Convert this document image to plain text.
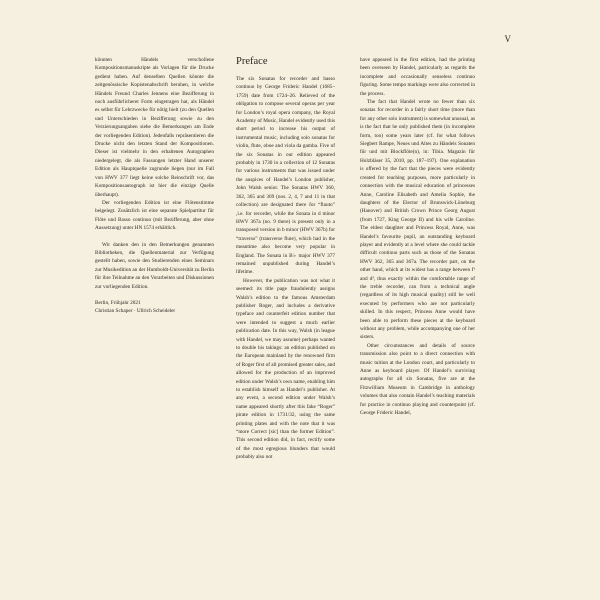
V

könnten Händels verschollene Kompositionsmanuskripte als Vorlagen für die Drucke gedient haben. Auf denselben Quellen könnte die zeitgenössische Kopistenabschrift beruhen, in welche Händels Freund Charles Jennens eine Bezifferung in noch ausführlicherer Form eingetragen hat, als Händel es selbst für Lehrzwecke für nötig hielt (zu den Quellen und Unterschieden in Bezifferung sowie zu den Verzierungsangaben siehe die Bemerkungen am Ende der vorliegenden Edition). Jedenfalls repräsentieren die Drucke nicht den letzten Stand der Kompositionen. Dieser ist vielmehr in den erhaltenen Autographen niedergelegt, die als Fassungen letzter Hand unserer Edition als Hauptquelle zugrunde liegen (nur im Fall von HWV 377 liegt keine solche Reinschrift vor, das Kompositionsautograph ist hier die einzige Quelle überhaupt).

Der vorliegenden Edition ist eine Flötenstimme beigelegt. Zusätzlich ist eine separate Spielpartitur für Flöte und Basso continuo (mit Bezifferung, aber ohne Aussetzung) unter HN 1574 erhältlich.

Wir danken den in den Bemerkungen genannten Bibliotheken, die Quellenmaterial zur Verfügung gestellt haben, sowie den Studierenden eines Seminars zur Musikedition an der Humboldt-Universität zu Berlin für ihre Teilnahme an den Vorarbeiten und Diskussionen zur vorliegenden Edition.

Berlin, Frühjahr 2021

Christian Schaper · Ullrich Scheideler

Preface

The six Sonatas for recorder and basso continuo by George Frideric Handel (1685–1759) date from 1724–26. Relieved of the obligation to compose several operas per year for London’s royal opera company, the Royal Academy of Music, Handel evidently used this short period to increase his output of instrumental music, including solo sonatas for violin, flute, oboe and viola da gamba. Five of the six Sonatas in our edition appeared probably in 1730 in a collection of 12 Sonatas for various instruments that was issued under the auspices of Handel’s London publisher, John Walsh senior. The Sonatas HWV 360, 362, 365 and 369 (nos. 2, 4, 7 and 11 in that collection) are designated there for “flauto” ,i.e. for recorder, while the Sonata in d minor HWV 367a (no. 9 there) is present only in a transposed version in b minor (HWV 367b) for “traverso” (transverse flute), which had in the meantime also become very popular in England. The Sonata in B♭ major HWV 377 remained unpublished during Handel’s lifetime.

However, the publication was not what it seemed: its title page fraudulently assigns Walsh’s edition to the famous Amsterdam publisher Roger, and includes a derivative typeface and counterfeit edition number that were intended to suggest a much earlier publication date. In this way, Walsh (in league with Handel, we may assume) perhaps wanted to double his takings: an edition published on the European mainland by the renowned firm of Roger first of all promised greater sales, and allowed for the production of an improved edition under Walsh’s own name, enabling him to establish himself as Handel’s publisher. At any event, a second edition under Walsh’s name appeared shortly after this fake “Roger” pirate edition in 1731/32, using the same printing plates and with the note that it was “more Correct [sic] than the former Edition”. This second edition did, in fact, rectify some of the most egregious blunders that would probably also not

have appeared in the first edition, had the printing been overseen by Handel, particularly as regards the incomplete and occasionally senseless continuo figuring. Some tempo markings were also corrected in the process.

The fact that Handel wrote no fewer than six sonatas for recorder in a fairly short time (more than for any other solo instrument) is somewhat unusual, as is the fact that he only published them (in incomplete form, too) some years later (cf. for what follows Siegbert Rampe, Neues und Altes zu Händels Sonaten für und mit Blockflöte(n), in: Tibia. Magazin für Holzbläser 35, 2010, pp. 187–197). One explanation is offered by the fact that the pieces were evidently created for teaching purposes, more particularly in connection with the musical education of princesses Anne, Caroline Elisabeth and Amelia Sophie, the daughters of the Elector of Brunswick-Lüneburg (Hanover) and British Crown Prince Georg August (from 1727, King George II) and his wife Caroline. The eldest daughter and Princess Royal, Anne, was Handel’s favourite pupil, an outstanding keyboard player and evidently at a level where she could tackle difficult continuo parts such as those of the Sonatas HWV 362, 365 and 367a. The recorder part, on the other hand, which at its widest has a range between f¹ and d³, thus exactly within the comfortable range of the treble recorder, can from a technical angle (regardless of its high musical quality) still be well executed by performers who are not particularly skilled. In this respect, Princess Anne would have been able to perform these pieces at the keyboard without any problem, while accompanying one of her sisters.

Other circumstances and details of source transmission also point to a direct connection with music tuition at the London court, and particularly to Anne as keyboard player. Of Handel’s surviving autographs for all six Sonatas, five are at the Fitzwilliam Museum in Cambridge in anthology volumes that also contain Handel’s teaching materials for practice in continuo playing and counterpoint (cf. George Frideric Handel,
